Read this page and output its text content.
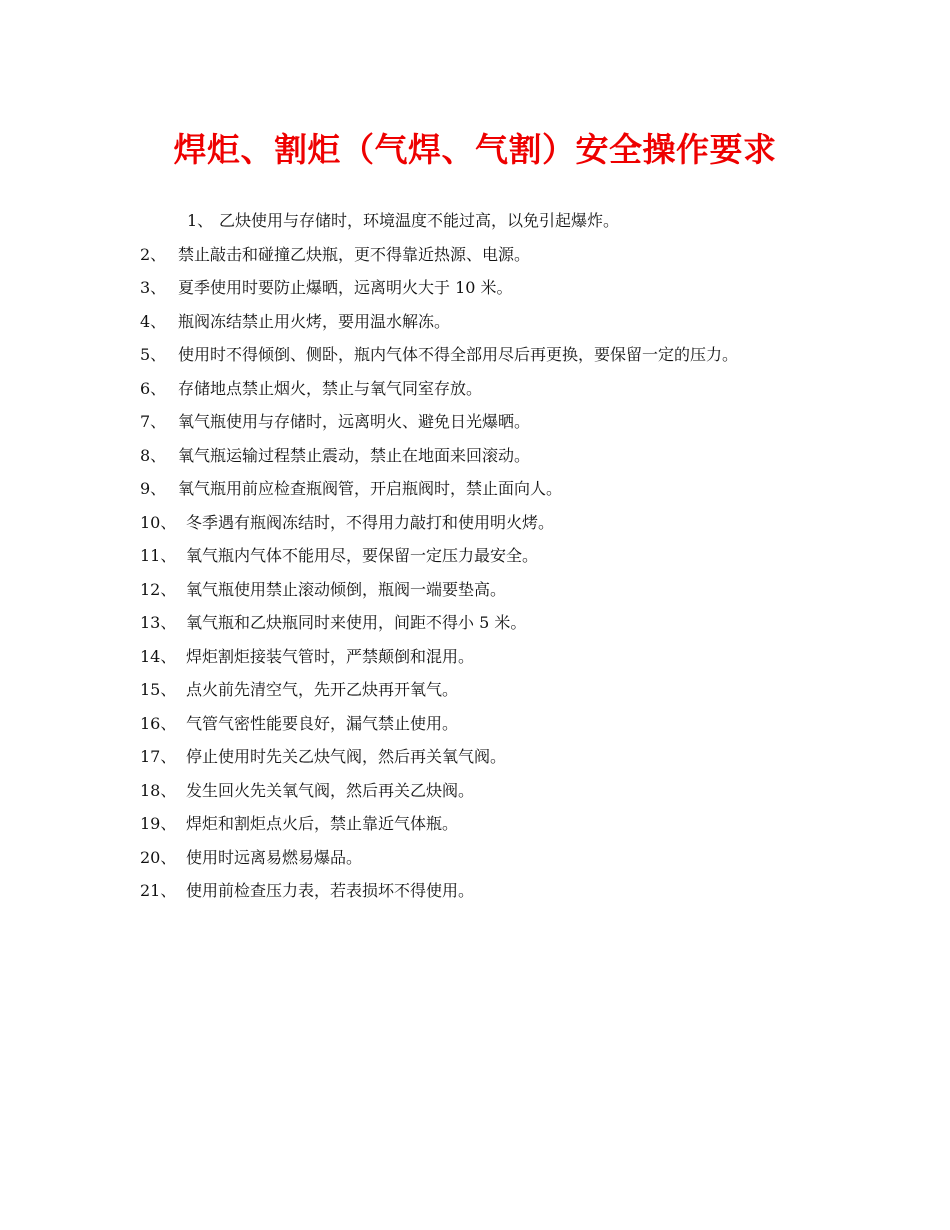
焊炬、割炬（气焊、气割）安全操作要求
1、 乙炔使用与存储时，环境温度不能过高，以免引起爆炸。
2、 禁止敲击和碰撞乙炔瓶，更不得靠近热源、电源。
3、 夏季使用时要防止爆晒，远离明火大于 10 米。
4、 瓶阀冻结禁止用火烤，要用温水解冻。
5、 使用时不得倾倒、侧卧，瓶内气体不得全部用尽后再更换，要保留一定的压力。
6、 存储地点禁止烟火，禁止与氧气同室存放。
7、 氧气瓶使用与存储时，远离明火、避免日光爆晒。
8、 氧气瓶运输过程禁止震动，禁止在地面来回滚动。
9、 氧气瓶用前应检查瓶阀管，开启瓶阀时，禁止面向人。
10、 冬季遇有瓶阀冻结时，不得用力敲打和使用明火烤。
11、 氧气瓶内气体不能用尽，要保留一定压力最安全。
12、 氧气瓶使用禁止滚动倾倒，瓶阀一端要垫高。
13、 氧气瓶和乙炔瓶同时来使用，间距不得小 5 米。
14、 焊炬割炬接装气管时，严禁颠倒和混用。
15、 点火前先清空气，先开乙炔再开氧气。
16、 气管气密性能要良好，漏气禁止使用。
17、 停止使用时先关乙炔气阀，然后再关氧气阀。
18、 发生回火先关氧气阀，然后再关乙炔阀。
19、 焊炬和割炬点火后，禁止靠近气体瓶。
20、 使用时远离易燃易爆品。
21、 使用前检查压力表，若表损坏不得使用。
